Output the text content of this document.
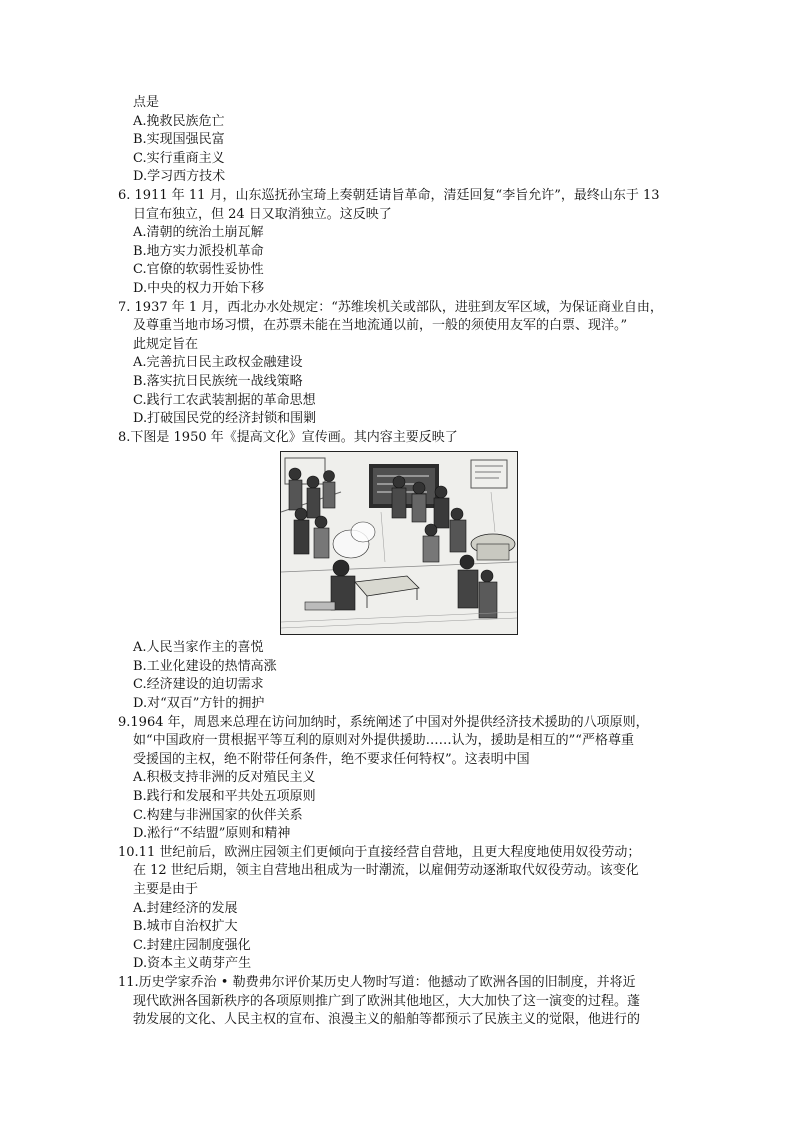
点是
A.挽救民族危亡
B.实现国强民富
C.实行重商主义
D.学习西方技术
6. 1911 年 11 月，山东巡抚孙宝琦上奏朝廷请旨革命，清廷回复“李旨允许”，最终山东于 13
日宣布独立，但 24 日又取消独立。这反映了
A.清朝的统治土崩瓦解
B.地方实力派投机革命
C.官僚的软弱性妥协性
D.中央的权力开始下移
7. 1937 年 1 月，西北办水处规定：“苏维埃机关或部队，进驻到友军区域，为保证商业自由，
及尊重当地市场习惯，在苏票未能在当地流通以前，一般的须使用友军的白票、现洋。”
此规定旨在
A.完善抗日民主政权金融建设
B.落实抗日民族统一战线策略
C.践行工农武装割据的革命思想
D.打破国民党的经济封锁和围剿
8.下图是 1950 年《提高文化》宣传画。其内容主要反映了
A.人民当家作主的喜悦
B.工业化建设的热情高涨
C.经济建设的迫切需求
D.对“双百”方针的拥护
9.1964 年，周恩来总理在访问加纳时，系统阐述了中国对外提供经济技术援助的八项原则，
如“中国政府一贯根据平等互利的原则对外提供援助……认为，援助是相互的”“严格尊重
受援国的主权，绝不附带任何条件，绝不要求任何特权”。这表明中国
A.积极支持非洲的反对殖民主义
B.践行和发展和平共处五项原则
C.构建与非洲国家的伙伴关系
D.淞行“不结盟”原则和精神
10.11 世纪前后，欧洲庄园领主们更倾向于直接经营自营地，且更大程度地使用奴役劳动；
在 12 世纪后期，领主自营地出租成为一时潮流，以雇佣劳动逐渐取代奴役劳动。该变化
主要是由于
A.封建经济的发展
B.城市自治权扩大
C.封建庄园制度强化
D.资本主义萌芽产生
11.历史学家乔治 • 勒费弗尔评价某历史人物时写道：他撼动了欧洲各国的旧制度，并将近
现代欧洲各国新秩序的各项原则推广到了欧洲其他地区，大大加快了这一演变的过程。蓬
勃发展的文化、人民主权的宣布、浪漫主义的船舶等都预示了民族主义的觉限，他进行的
